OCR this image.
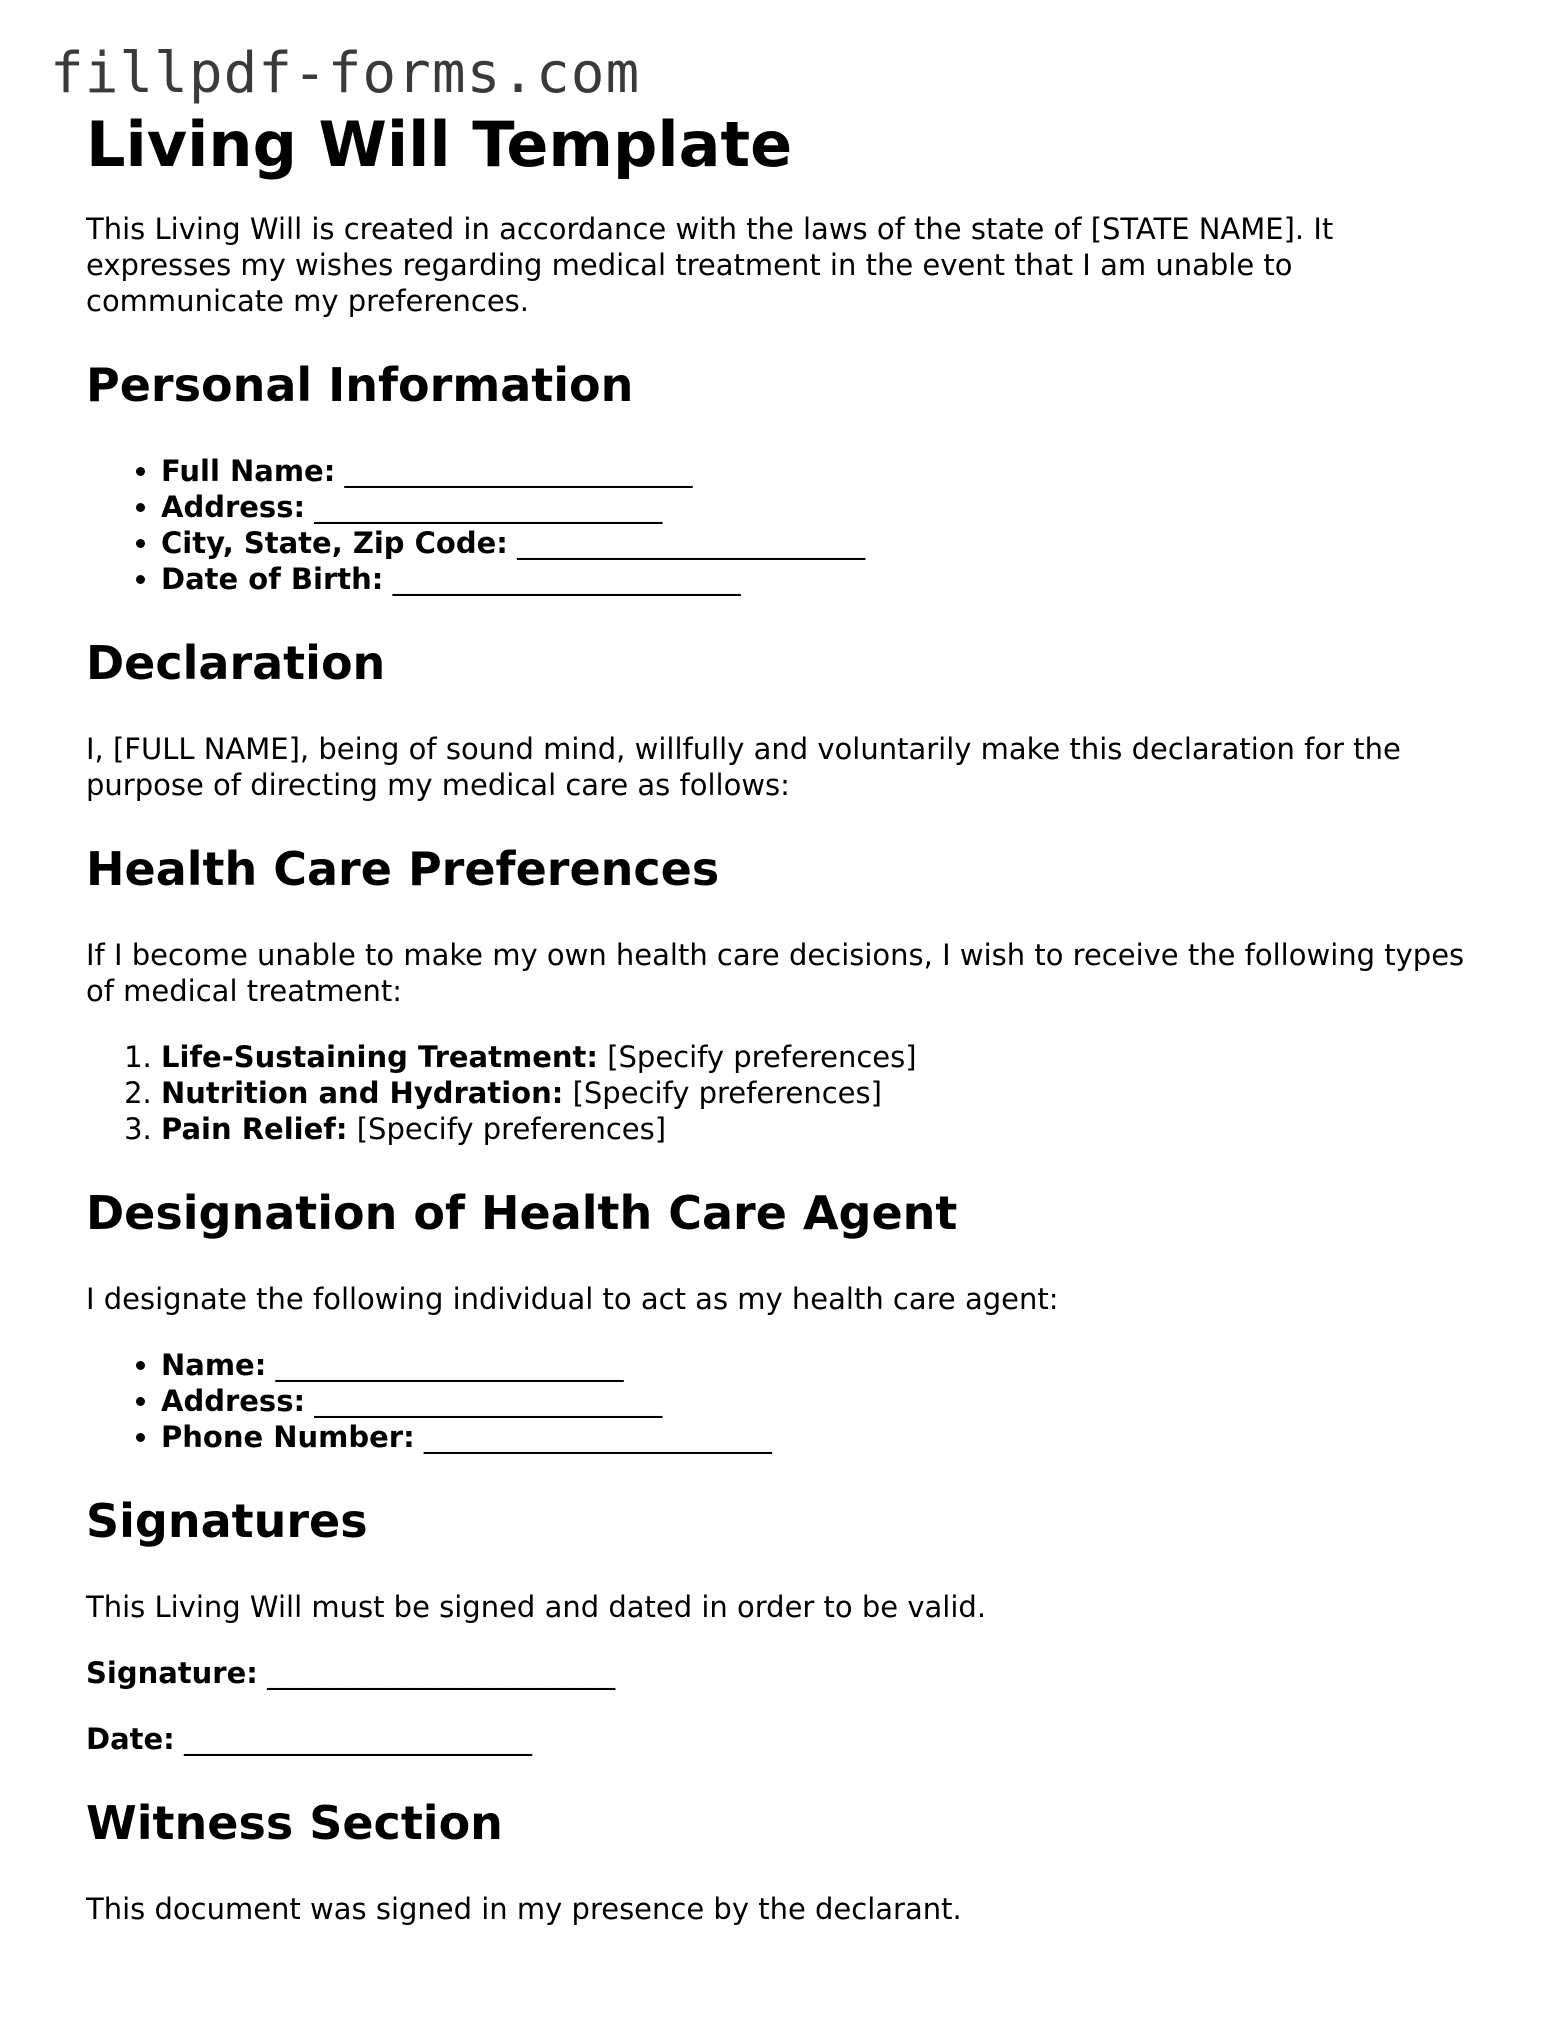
fillpdf-forms.com
Living Will Template

This Living Will is created in accordance with the laws of the state of [STATE NAME]. It expresses my wishes regarding medical treatment in the event that I am unable to communicate my preferences.

Personal Information
• Full Name: ________________________
• Address: ________________________
• City, State, Zip Code: ________________________
• Date of Birth: ________________________
Declaration

I, [FULL NAME], being of sound mind, willfully and voluntarily make this declaration for the purpose of directing my medical care as follows:

Health Care Preferences

If I become unable to make my own health care decisions, I wish to receive the following types of medical treatment:

1. Life-Sustaining Treatment: [Specify preferences]
2. Nutrition and Hydration: [Specify preferences]
3. Pain Relief: [Specify preferences]
Designation of Health Care Agent

I designate the following individual to act as my health care agent:

• Name: ________________________
• Address: ________________________
• Phone Number: ________________________
Signatures

This Living Will must be signed and dated in order to be valid.

Signature: ________________________

Date: ________________________

Witness Section

This document was signed in my presence by the declarant.
